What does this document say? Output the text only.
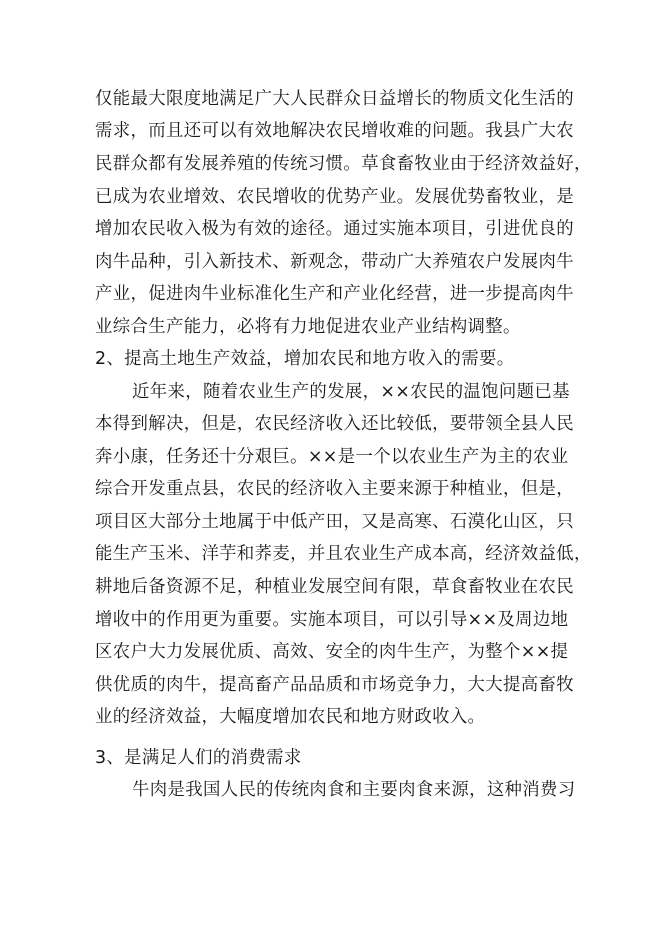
仅能最大限度地满足广大人民群众日益增长的物质文化生活的
需求，而且还可以有效地解决农民增收难的问题。我县广大农
民群众都有发展养殖的传统习惯。草食畜牧业由于经济效益好，
已成为农业增效、农民增收的优势产业。发展优势畜牧业，是
增加农民收入极为有效的途径。通过实施本项目，引进优良的
肉牛品种，引入新技术、新观念，带动广大养殖农户发展肉牛
产业，促进肉牛业标准化生产和产业化经营，进一步提高肉牛
业综合生产能力，必将有力地促进农业产业结构调整。
2、提高土地生产效益，增加农民和地方收入的需要。
近年来，随着农业生产的发展，××农民的温饱问题已基
本得到解决，但是，农民经济收入还比较低，要带领全县人民
奔小康，任务还十分艰巨。××是一个以农业生产为主的农业
综合开发重点县，农民的经济收入主要来源于种植业，但是，
项目区大部分土地属于中低产田，又是高寒、石漠化山区，只
能生产玉米、洋芋和荞麦，并且农业生产成本高，经济效益低，
耕地后备资源不足，种植业发展空间有限，草食畜牧业在农民
增收中的作用更为重要。实施本项目，可以引导××及周边地
区农户大力发展优质、高效、安全的肉牛生产，为整个××提
供优质的肉牛，提高畜产品品质和市场竞争力，大大提高畜牧
业的经济效益，大幅度增加农民和地方财政收入。
3、是满足人们的消费需求
牛肉是我国人民的传统肉食和主要肉食来源，这种消费习
